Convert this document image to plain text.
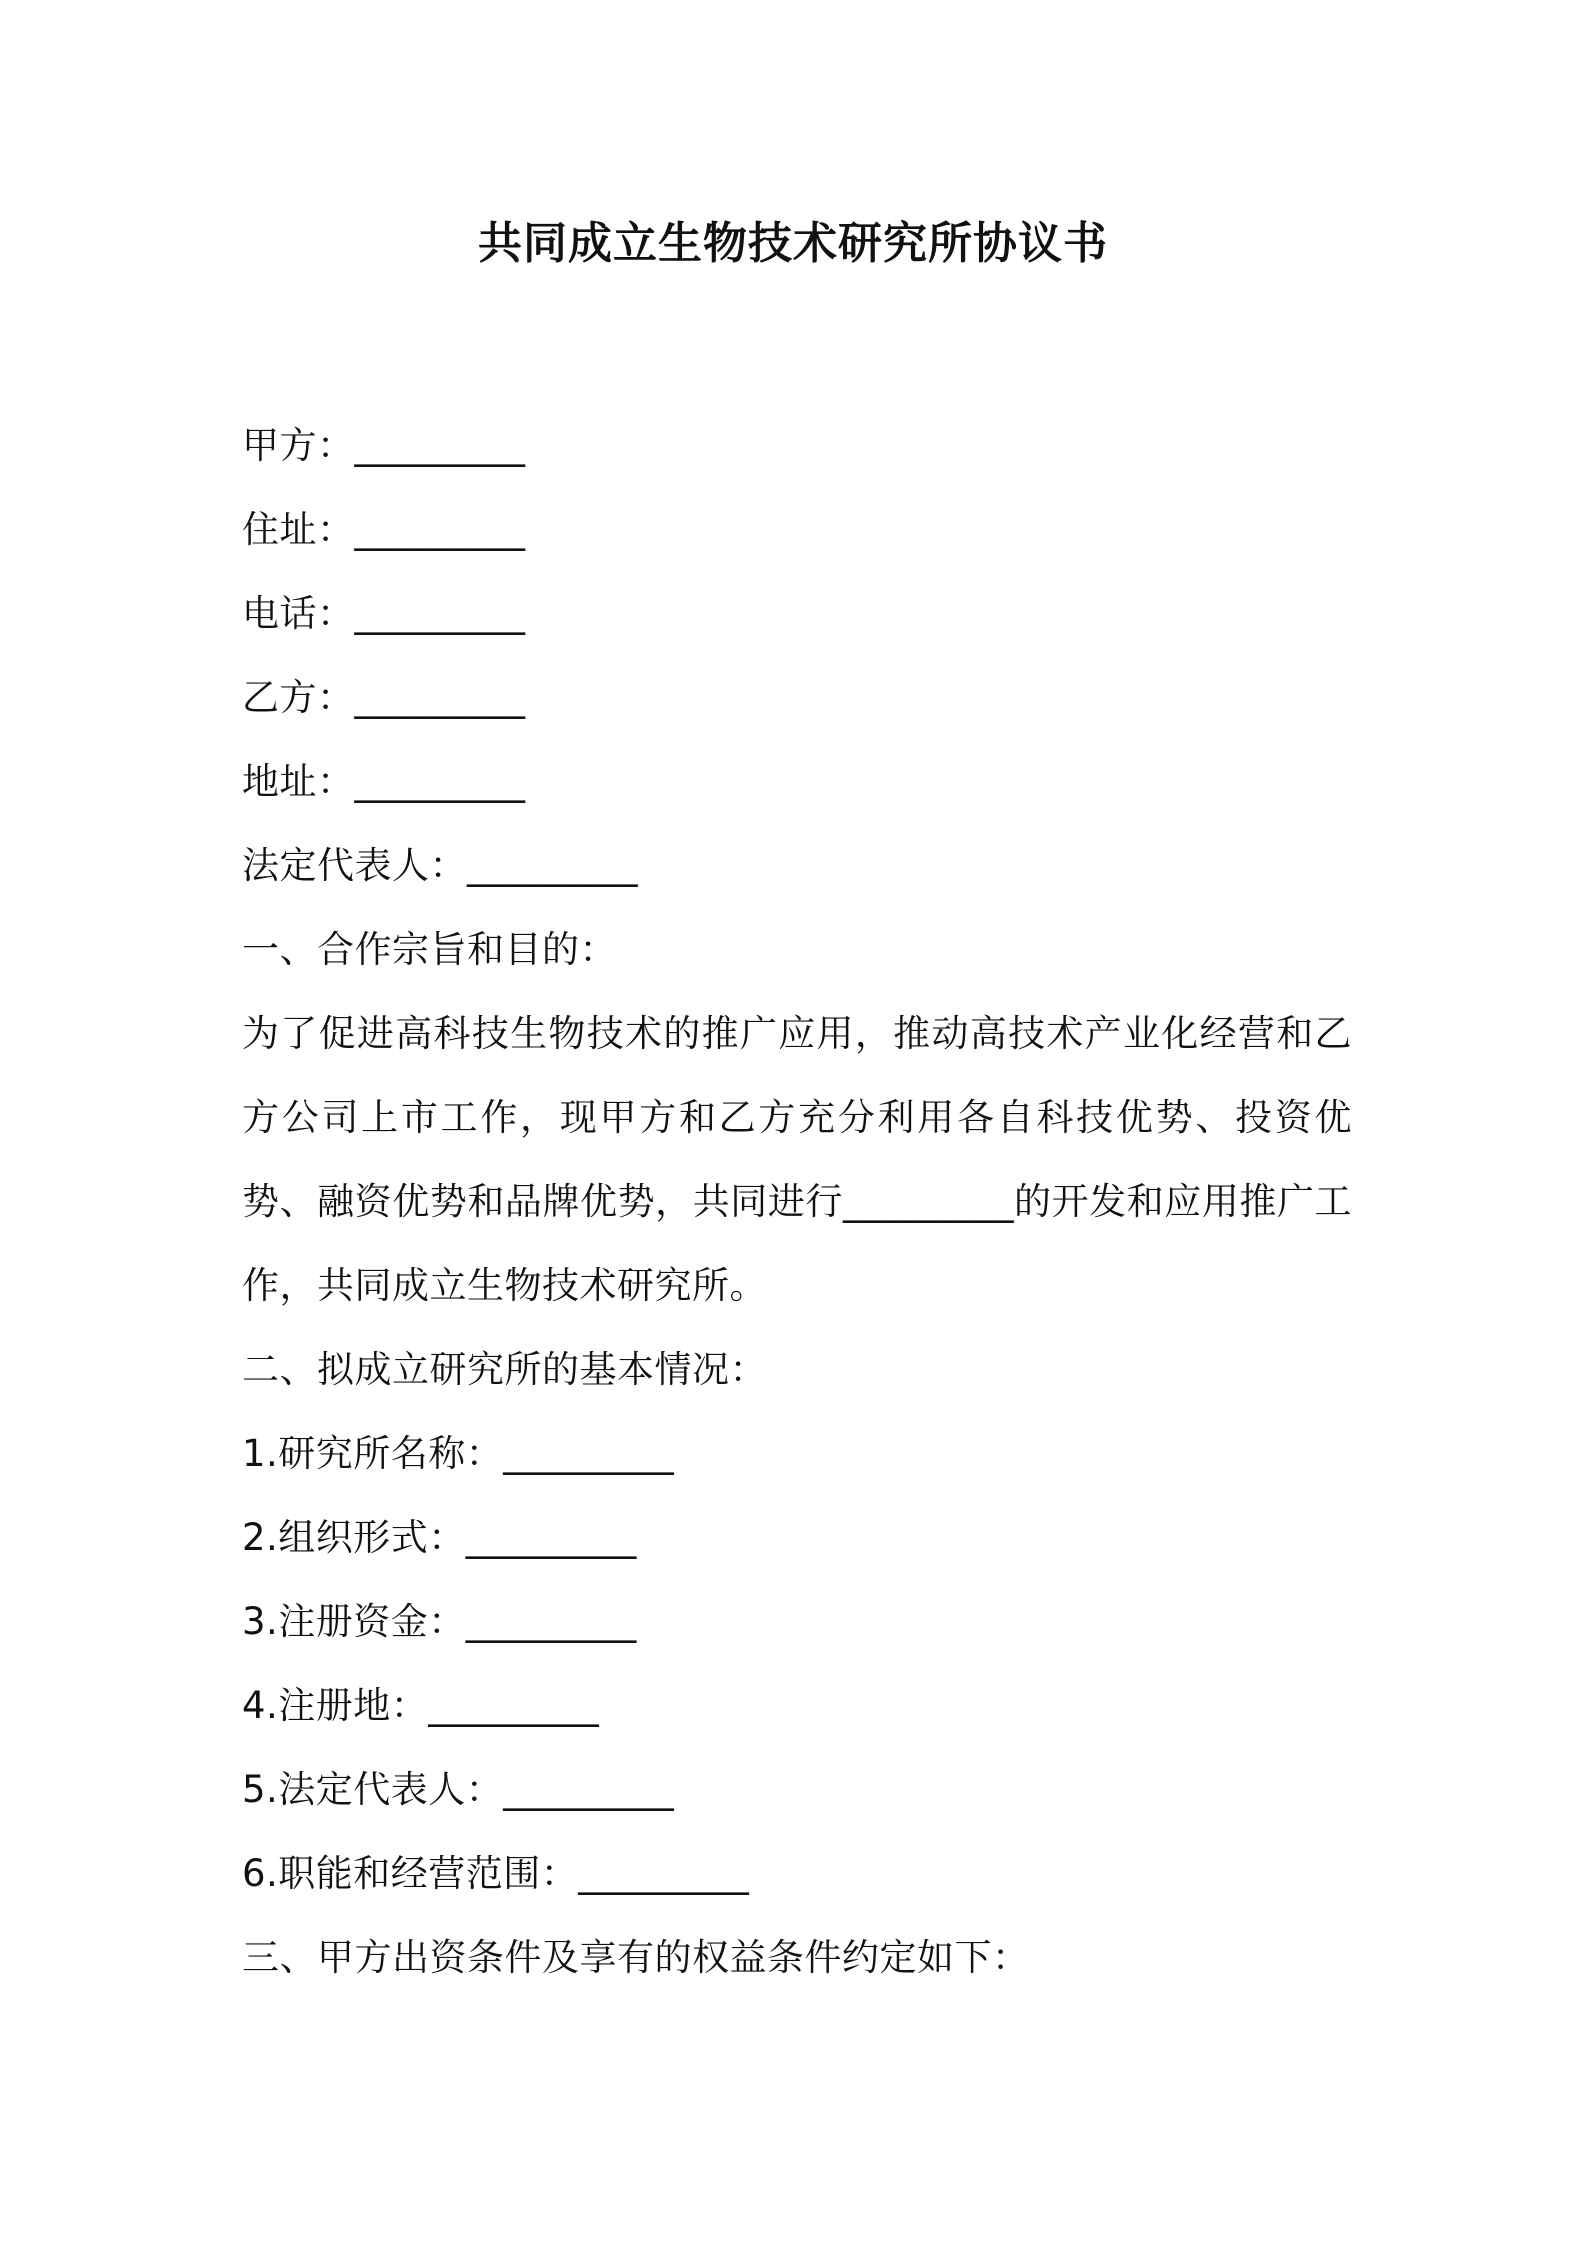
共同成立生物技术研究所协议书
甲方：_________
住址：_________
电话：_________
乙方：_________
地址：_________
法定代表人：_________
一、合作宗旨和目的：
为了促进高科技生物技术的推广应用，推动高技术产业化经营和乙方公司上市工作，现甲方和乙方充分利用各自科技优势、投资优势、融资优势和品牌优势，共同进行_________的开发和应用推广工作，共同成立生物技术研究所。
二、拟成立研究所的基本情况：
1.研究所名称：_________
2.组织形式：_________
3.注册资金：_________
4.注册地：_________
5.法定代表人：_________
6.职能和经营范围：_________
三、甲方出资条件及享有的权益条件约定如下：
